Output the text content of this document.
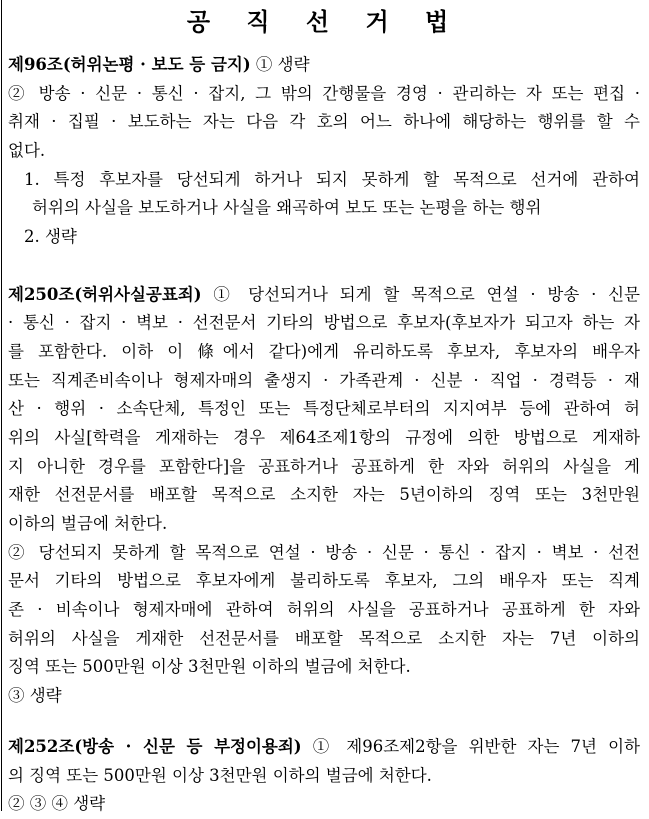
공 직 선 거 법
제96조(허위논평 · 보도 등 금지) ① 생략
② 방송 · 신문 · 통신 · 잡지, 그 밖의 간행물을 경영 · 관리하는 자 또는 편집 ·
취재 · 집필 · 보도하는 자는 다음 각 호의 어느 하나에 해당하는 행위를 할 수
없다.
1. 특정 후보자를 당선되게 하거나 되지 못하게 할 목적으로 선거에 관하여
허위의 사실을 보도하거나 사실을 왜곡하여 보도 또는 논평을 하는 행위
2. 생략
제250조(허위사실공표죄) ① 당선되거나 되게 할 목적으로 연설 · 방송 · 신문
· 통신 · 잡지 · 벽보 · 선전문서 기타의 방법으로 후보자(후보자가 되고자 하는 자
를 포함한다. 이하 이 條에서 같다)에게 유리하도록 후보자, 후보자의 배우자
또는 직계존비속이나 형제자매의 출생지 · 가족관계 · 신분 · 직업 · 경력등 · 재
산 · 행위 · 소속단체, 특정인 또는 특정단체로부터의 지지여부 등에 관하여 허
위의 사실[학력을 게재하는 경우 제64조제1항의 규정에 의한 방법으로 게재하
지 아니한 경우를 포함한다]을 공표하거나 공표하게 한 자와 허위의 사실을 게
재한 선전문서를 배포할 목적으로 소지한 자는 5년이하의 징역 또는 3천만원
이하의 벌금에 처한다.
② 당선되지 못하게 할 목적으로 연설 · 방송 · 신문 · 통신 · 잡지 · 벽보 · 선전
문서 기타의 방법으로 후보자에게 불리하도록 후보자, 그의 배우자 또는 직계
존 · 비속이나 형제자매에 관하여 허위의 사실을 공표하거나 공표하게 한 자와
허위의 사실을 게재한 선전문서를 배포할 목적으로 소지한 자는 7년 이하의
징역 또는 500만원 이상 3천만원 이하의 벌금에 처한다.
③ 생략
제252조(방송 · 신문 등 부정이용죄) ① 제96조제2항을 위반한 자는 7년 이하
의 징역 또는 500만원 이상 3천만원 이하의 벌금에 처한다.
② ③ ④ 생략
